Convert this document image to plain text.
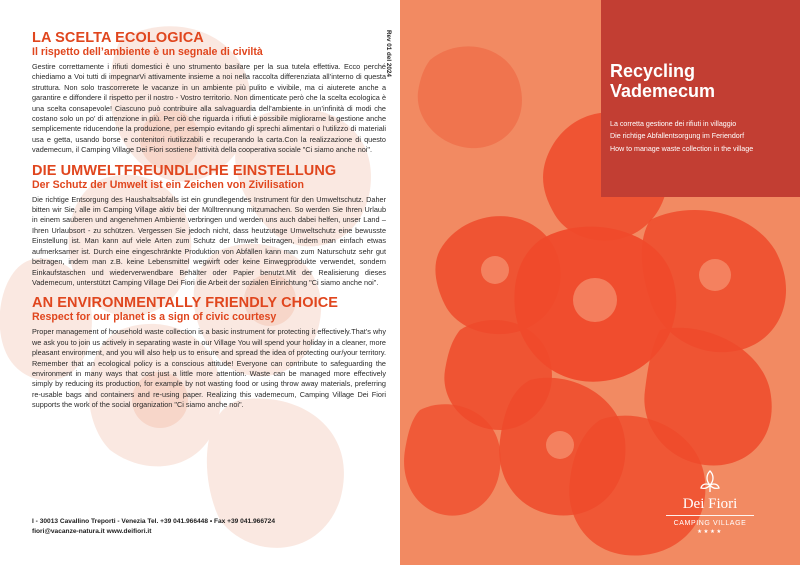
LA SCELTA ECOLOGICA
Il rispetto dell’ambiente è un segnale di civiltà
Gestire correttamente i rifiuti domestici è uno strumento basilare per la sua tutela effettiva. Ecco perché chiediamo a Voi tutti di impegnarVi attivamente insieme a noi nella raccolta differenziata all’interno di questa struttura. Non solo trascorrerete le vacanze in un ambiente più pulito e vivibile, ma ci aiuterete anche a garantire e diffondere il rispetto per il nostro - Vostro territorio. Non dimenticate però che la scelta ecologica è una scelta consapevole! Ciascuno può contribuire alla salvaguardia dell’ambiente in un’infinità di modi che costano solo un po’ di attenzione in più. Per ciò che riguarda i rifiuti è possibile migliorarne la gestione anche semplicemente riducendone la produzione, per esempio evitando gli sprechi alimentari o l’utilizzo di materiali usa e getta, usando borse e contenitori riutilizzabili e recuperando la carta.Con la realizzazione di questo vademecum, il Camping Village Dei Fiori sostiene l’attività della cooperativa sociale "Ci siamo anche noi".
DIE UMWELTFREUNDLICHE EINSTELLUNG
Der Schutz der Umwelt ist ein Zeichen von Zivilisation
Die richtige Entsorgung des Haushaltsabfalls ist ein grundlegendes Instrument für den Umweltschutz. Daher bitten wir Sie, alle im Camping Village aktiv bei der Mülltrennung mitzumachen. So werden Sie Ihren Urlaub in einem sauberen und angenehmen Ambiente verbringen und werden uns auch dabei helfen, unser Land – Ihren Urlaubsort - zu schützen. Vergessen Sie jedoch nicht, dass heutzutage Umweltschutz eine bewusste Einstellung ist. Man kann auf viele Arten zum Schutz der Umwelt beitragen, indem man einfach etwas aufmerksamer ist. Durch eine eingeschränkte Produktion von Abfällen kann man zum Naturschutz sehr gut beitragen, indem man z.B. keine Lebensmittel wegwirft oder keine Einwegprodukte verwendet, sondern Einkaufstaschen und wiederverwendbare Behälter oder Papier benutzt.Mit der Realisierung dieses Vademecum, unterstützt Camping Village Dei Fiori die Arbeit der sozialen Einrichtung "Ci siamo anche noi".
AN ENVIRONMENTALLY FRIENDLY CHOICE
Respect for our planet is a sign of civic courtesy
Proper management of household waste collection is a basic instrument for protecting it effectively.That’s why we ask you to join us actively in separating waste in our Village You will spend your holiday in a cleaner, more pleasant environment, and you will also help us to ensure and spread the idea of protecting our/your territory. Remember that an ecological policy is a conscious attitude! Everyone can contribute to safeguarding the environment in many ways that cost just a little more attention. Waste can be managed more effectively simply by reducing its production, for example by not wasting food or using throw away materials, preferring re-usable bags and containers and re-using paper. Realizing this vademecum, Camping Village Dei Fiori supports the work of the social organization "Ci siamo anche noi".
I - 30013 Cavallino Treporti - Venezia Tel. +39 041.966448 • Fax +39 041.966724
fiori@vacanze-natura.it www.deifiori.it
Rev 01 del 2024	Recycling
Vademecum
La corretta gestione dei rifiuti in villaggio
Die richtige Abfallentsorgung im Feriendorf
How to manage waste collection in the village
Dei Fiori
CAMPING VILLAGE
★★★★
